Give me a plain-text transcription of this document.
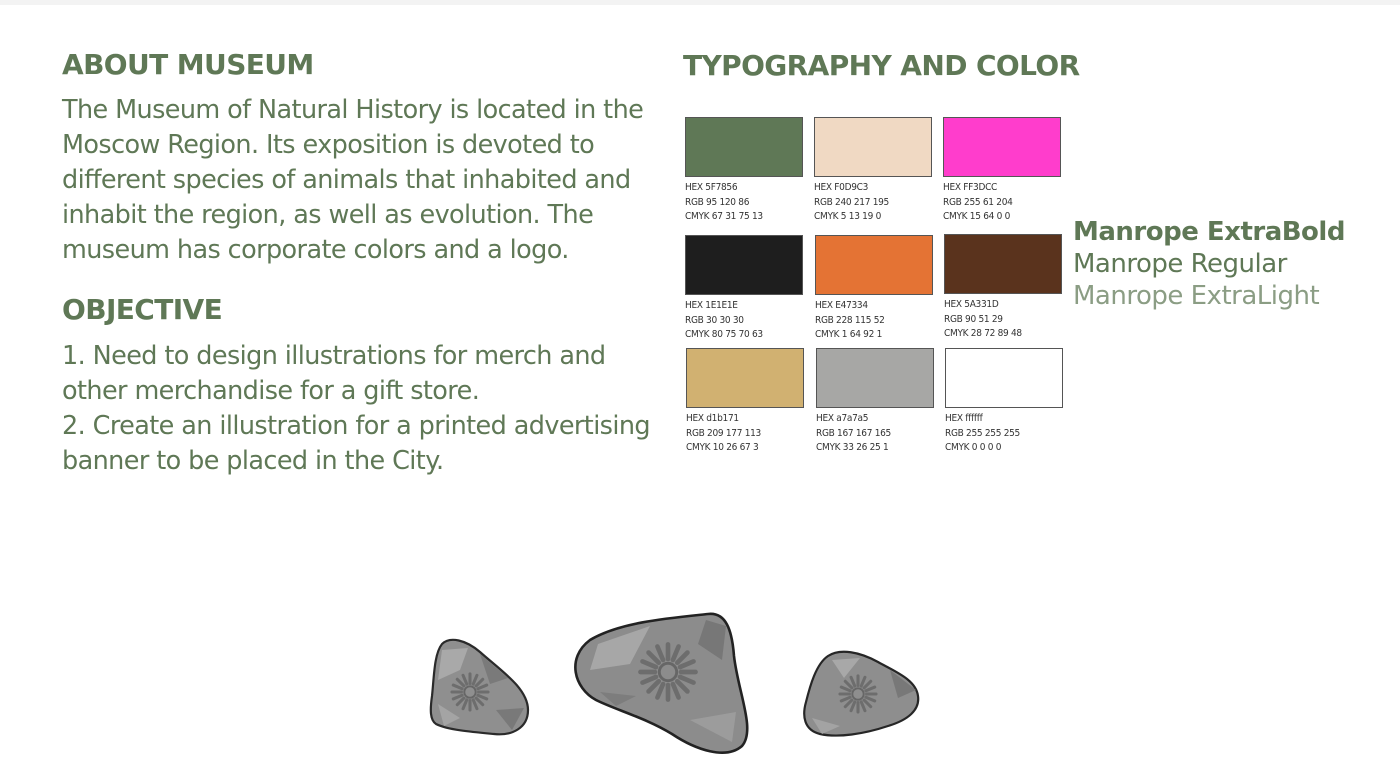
ABOUT MUSEUM

The Museum of Natural History is located in the Moscow Region. Its exposition is devoted to different species of animals that inhabited and inhabit the region, as well as evolution. The museum has corporate colors and a logo.

OBJECTIVE

1. Need to design illustrations for merch and other merchandise for a gift store.

2. Create an illustration for a printed advertising banner to be placed in the City.

TYPOGRAPHY AND COLOR
HEX 5F7856
RGB 95 120 86
CMYK 67 31 75 13
HEX F0D9C3
RGB 240 217 195
CMYK 5 13 19 0
HEX FF3DCC
RGB 255 61 204
CMYK 15 64 0 0
HEX 1E1E1E
RGB 30 30 30
CMYK 80 75 70 63
HEX E47334
RGB 228 115 52
CMYK 1 64 92 1
HEX 5A331D
RGB 90 51 29
CMYK 28 72 89 48
HEX d1b171
RGB 209 177 113
CMYK 10 26 67 3
HEX a7a7a5
RGB 167 167 165
CMYK 33 26 25 1
HEX ffffff
RGB 255 255 255
CMYK 0 0 0 0
Manrope ExtraBold
Manrope Regular
Manrope ExtraLight
